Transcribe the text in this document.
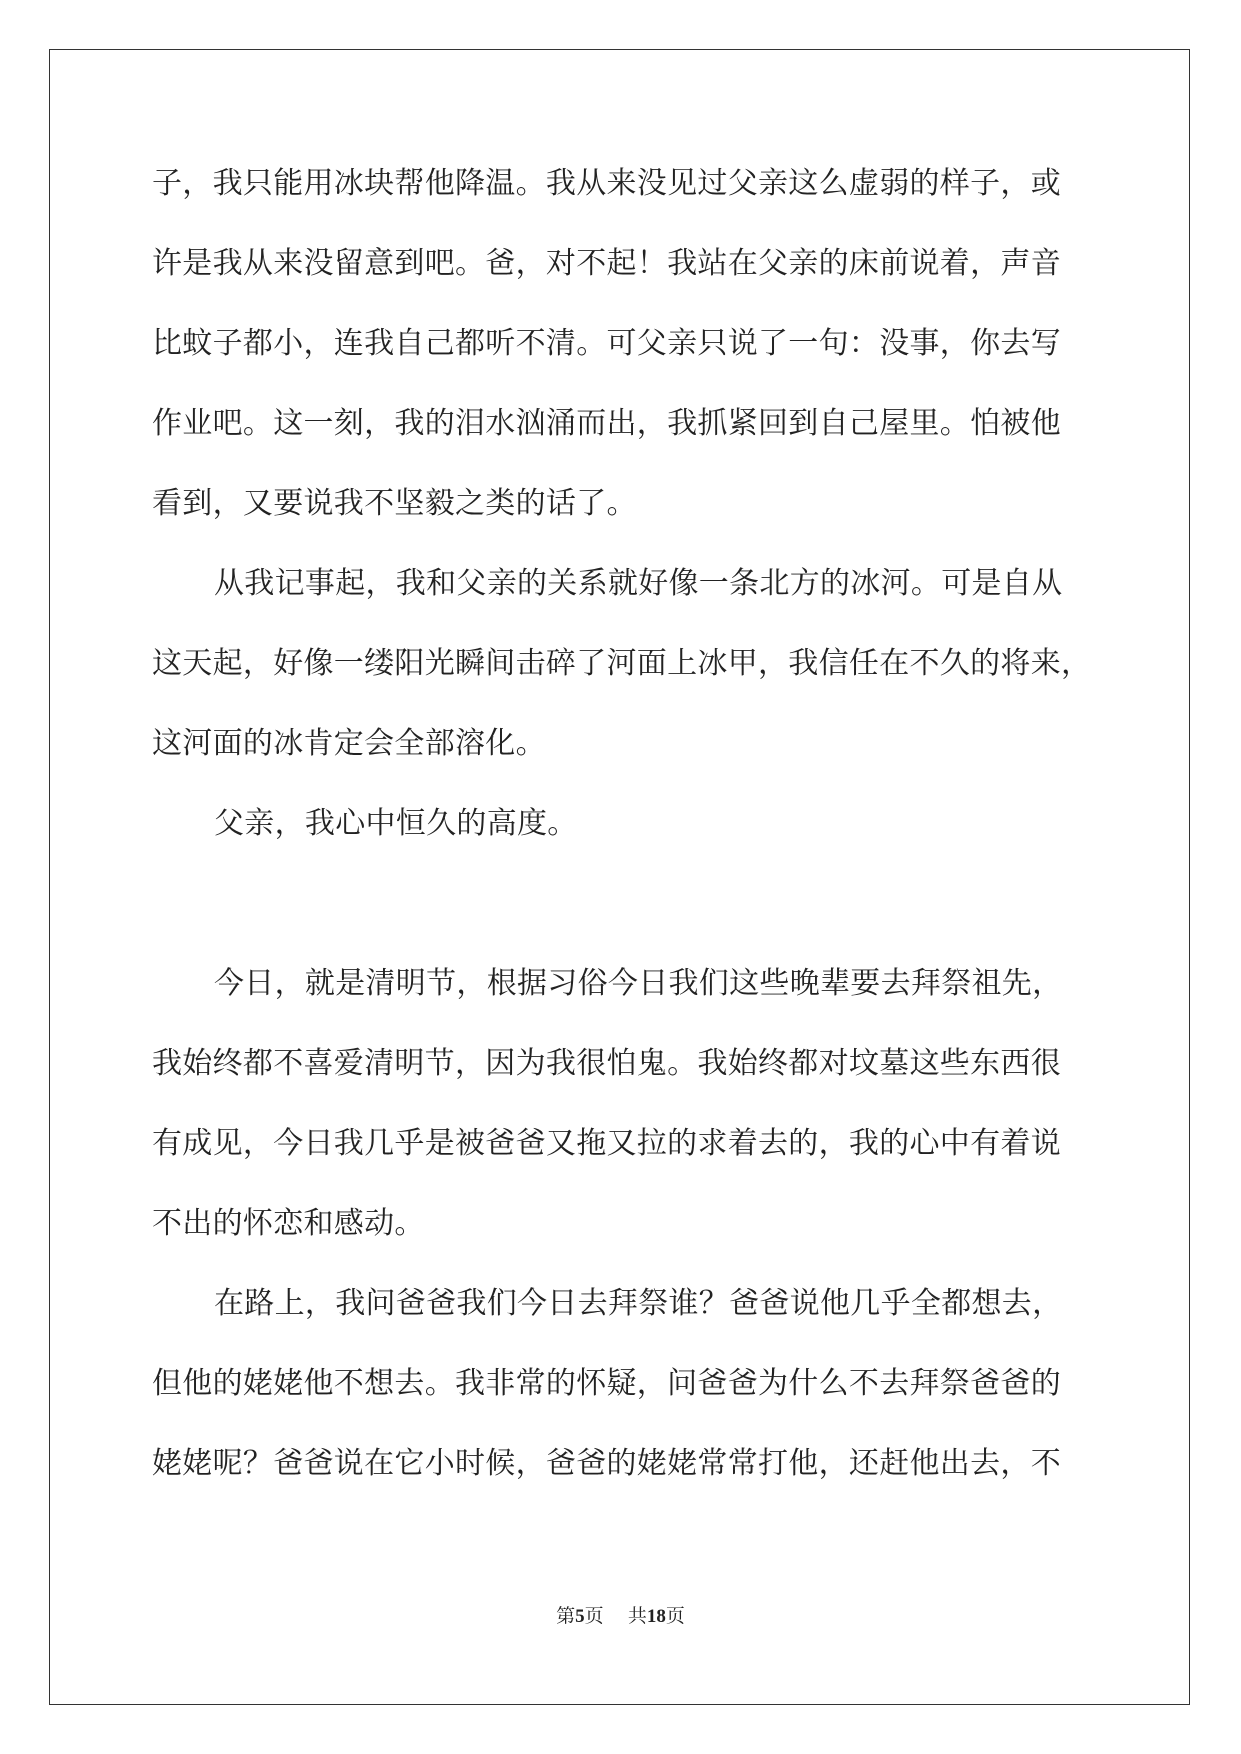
子，我只能用冰块帮他降温。我从来没见过父亲这么虚弱的样子，或
许是我从来没留意到吧。爸，对不起！我站在父亲的床前说着，声音
比蚊子都小，连我自己都听不清。可父亲只说了一句：没事，你去写
作业吧。这一刻，我的泪水汹涌而出，我抓紧回到自己屋里。怕被他
看到，又要说我不坚毅之类的话了。
从我记事起，我和父亲的关系就好像一条北方的冰河。可是自从
这天起，好像一缕阳光瞬间击碎了河面上冰甲，我信任在不久的将来，
这河面的冰肯定会全部溶化。
父亲，我心中恒久的高度。
今日，就是清明节，根据习俗今日我们这些晚辈要去拜祭祖先，
我始终都不喜爱清明节，因为我很怕鬼。我始终都对坟墓这些东西很
有成见，今日我几乎是被爸爸又拖又拉的求着去的，我的心中有着说
不出的怀恋和感动。
在路上，我问爸爸我们今日去拜祭谁？爸爸说他几乎全都想去，
但他的姥姥他不想去。我非常的怀疑，问爸爸为什么不去拜祭爸爸的
姥姥呢？爸爸说在它小时候，爸爸的姥姥常常打他，还赶他出去，不
第5页 共18页
